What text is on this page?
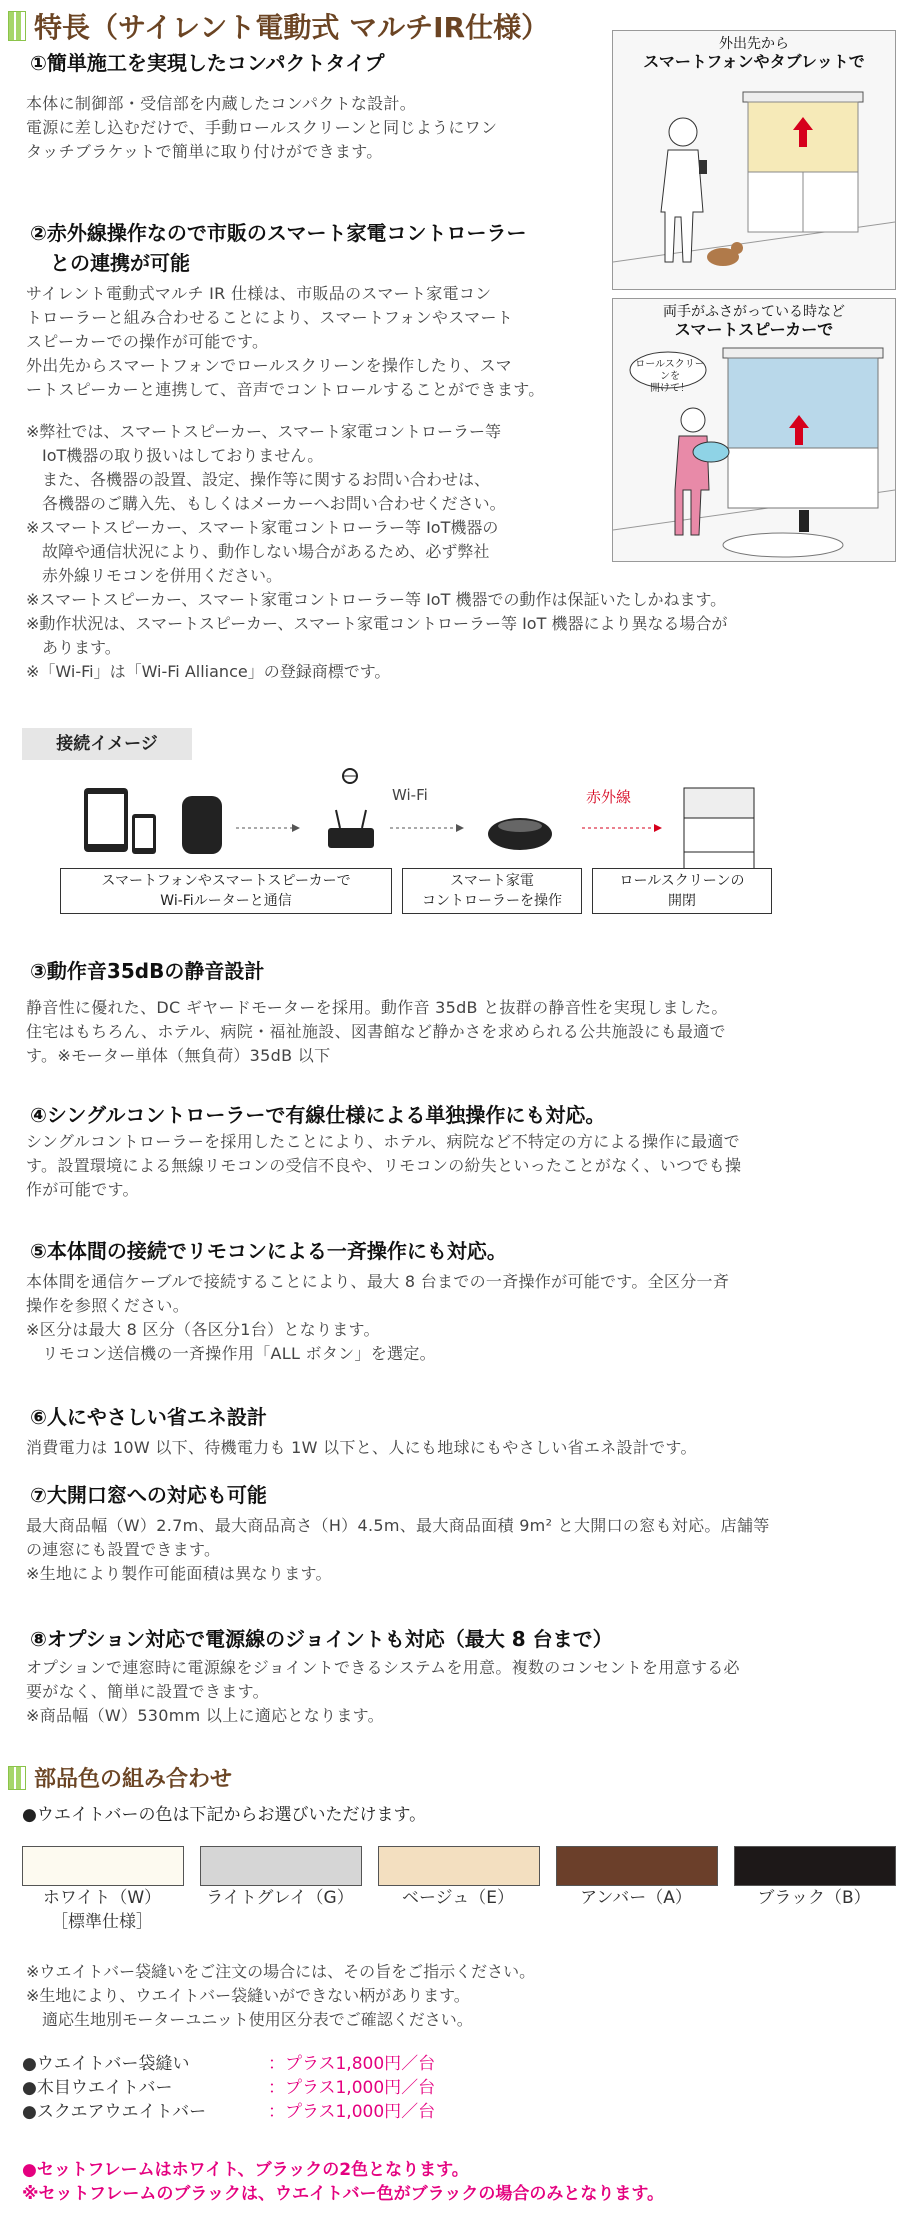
特長（サイレント電動式 マルチIR仕様）
①簡単施工を実現したコンパクトタイプ
本体に制御部・受信部を内蔵したコンパクトな設計。
電源に差し込むだけで、手動ロールスクリーンと同じようにワン
タッチブラケットで簡単に取り付けができます。
②赤外線操作なので市販のスマート家電コントローラー
　との連携が可能
サイレント電動式マルチ IR 仕様は、市販品のスマート家電コン
トローラーと組み合わせることにより、スマートフォンやスマート
スピーカーでの操作が可能です。
外出先からスマートフォンでロールスクリーンを操作したり、スマ
ートスピーカーと連携して、音声でコントロールすることができます。
※弊社では、スマートスピーカー、スマート家電コントローラー等
　IoT機器の取り扱いはしておりません。
　また、各機器の設置、設定、操作等に関するお問い合わせは、
　各機器のご購入先、もしくはメーカーへお問い合わせください。
※スマートスピーカー、スマート家電コントローラー等 IoT機器の
　故障や通信状況により、動作しない場合があるため、必ず弊社
　赤外線リモコンを併用ください。
※スマートスピーカー、スマート家電コントローラー等 IoT 機器での動作は保証いたしかねます。
※動作状況は、スマートスピーカー、スマート家電コントローラー等 IoT 機器により異なる場合が
　あります。
※「Wi-Fi」は「Wi-Fi Alliance」の登録商標です。
外出先から
スマートフォンやタブレットで
両手がふさがっている時など
スマートスピーカーで
ロールスクリーンを
開けて！
接続イメージ
Wi-Fi	赤外線
スマートフォンやスマートスピーカーで
Wi-Fiルーターと通信
スマート家電
コントローラーを操作
ロールスクリーンの
開閉
③動作音35dBの静音設計
静音性に優れた、DC ギヤードモーターを採用。動作音 35dB と抜群の静音性を実現しました。
住宅はもちろん、ホテル、病院・福祉施設、図書館など静かさを求められる公共施設にも最適で
す。※モーター単体（無負荷）35dB 以下
④シングルコントローラーで有線仕様による単独操作にも対応。
シングルコントローラーを採用したことにより、ホテル、病院など不特定の方による操作に最適で
す。設置環境による無線リモコンの受信不良や、リモコンの紛失といったことがなく、いつでも操
作が可能です。
⑤本体間の接続でリモコンによる一斉操作にも対応。
本体間を通信ケーブルで接続することにより、最大 8 台までの一斉操作が可能です。全区分一斉
操作を参照ください。
※区分は最大 8 区分（各区分1台）となります。
　リモコン送信機の一斉操作用「ALL ボタン」を選定。
⑥人にやさしい省エネ設計
消費電力は 10W 以下、待機電力も 1W 以下と、人にも地球にもやさしい省エネ設計です。
⑦大開口窓への対応も可能
最大商品幅（W）2.7m、最大商品高さ（H）4.5m、最大商品面積 9m² と大開口の窓も対応。店舗等
の連窓にも設置できます。
※生地により製作可能面積は異なります。
⑧オプション対応で電源線のジョイントも対応（最大 8 台まで）
オプションで連窓時に電源線をジョイントできるシステムを用意。複数のコンセントを用意する必
要がなく、簡単に設置できます。
※商品幅（W）530mm 以上に適応となります。
部品色の組み合わせ
●ウエイトバーの色は下記からお選びいただけます。
ホワイト（W）
［標準仕様］
ライトグレイ（G）	ベージュ（E）	アンバー（A）	ブラック（B）
※ウエイトバー袋縫いをご注文の場合には、その旨をご指示ください。
※生地により、ウエイトバー袋縫いができない柄があります。
　適応生地別モーターユニット使用区分表でご確認ください。
●ウエイトバー袋縫い	：プラス1,800円／台
●木目ウエイトバー	：プラス1,000円／台
●スクエアウエイトバー	：プラス1,000円／台
●セットフレームはホワイト、ブラックの2色となります。
※セットフレームのブラックは、ウエイトバー色がブラックの場合のみとなります。
